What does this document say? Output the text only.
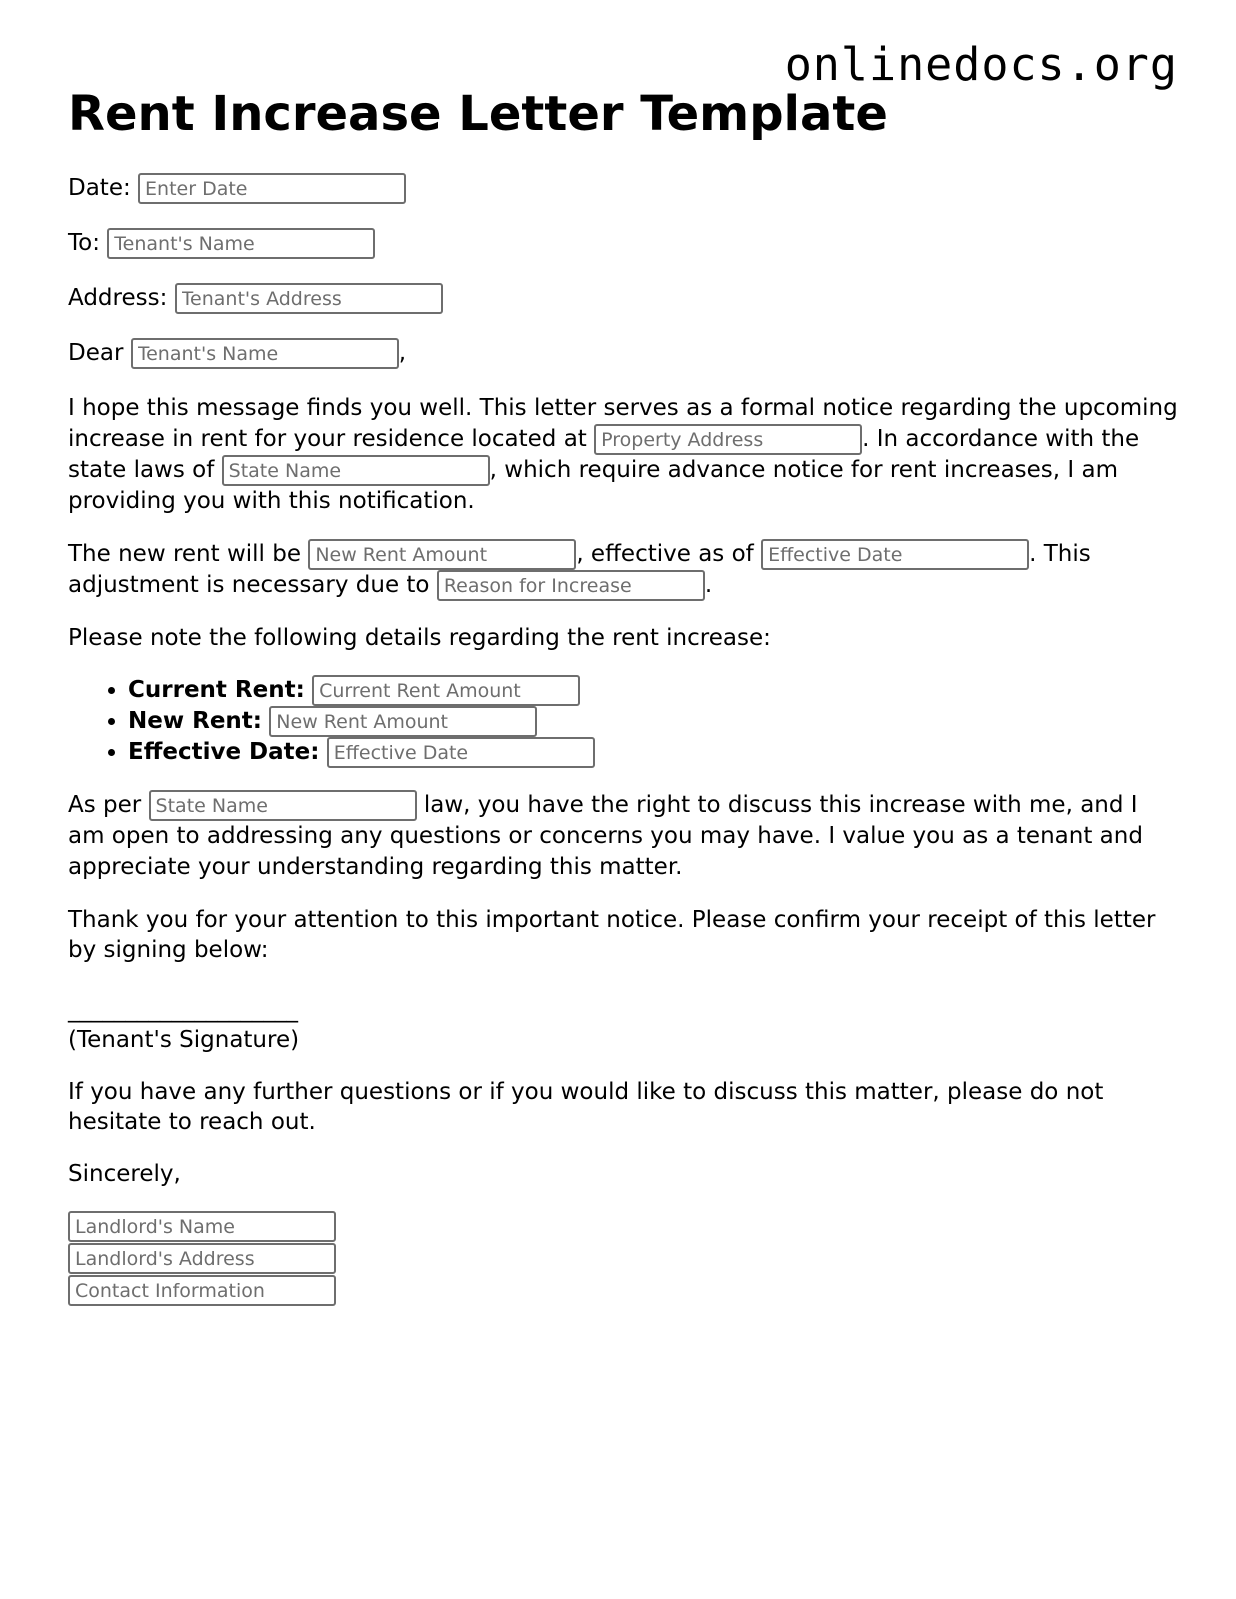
onlinedocs.org
Rent Increase Letter Template

Date: Enter Date

To: Tenant's Name

Address: Tenant's Address

Dear Tenant's Name	,

I hope this message finds you well. This letter serves as a formal notice regarding the upcoming increase in rent for your residence located at Property Address	. In accordance with the state laws of State Name	, which require advance notice for rent increases, I am providing you with this notification.

The new rent will be New Rent Amount	, effective as of Effective Date	. This adjustment is necessary due to Reason for Increase	.

Please note the following details regarding the rent increase:

• Current Rent: Current Rent Amount
• New Rent: New Rent Amount
• Effective Date: Effective Date

As per State Name	law, you have the right to discuss this increase with me, and I am open to addressing any questions or concerns you may have. I value you as a tenant and appreciate your understanding regarding this matter.

Thank you for your attention to this important notice. Please confirm your receipt of this letter by signing below:

____________________
(Tenant's Signature)

If you have any further questions or if you would like to discuss this matter, please do not hesitate to reach out.

Sincerely,

Landlord's Name
Landlord's Address
Contact Information
